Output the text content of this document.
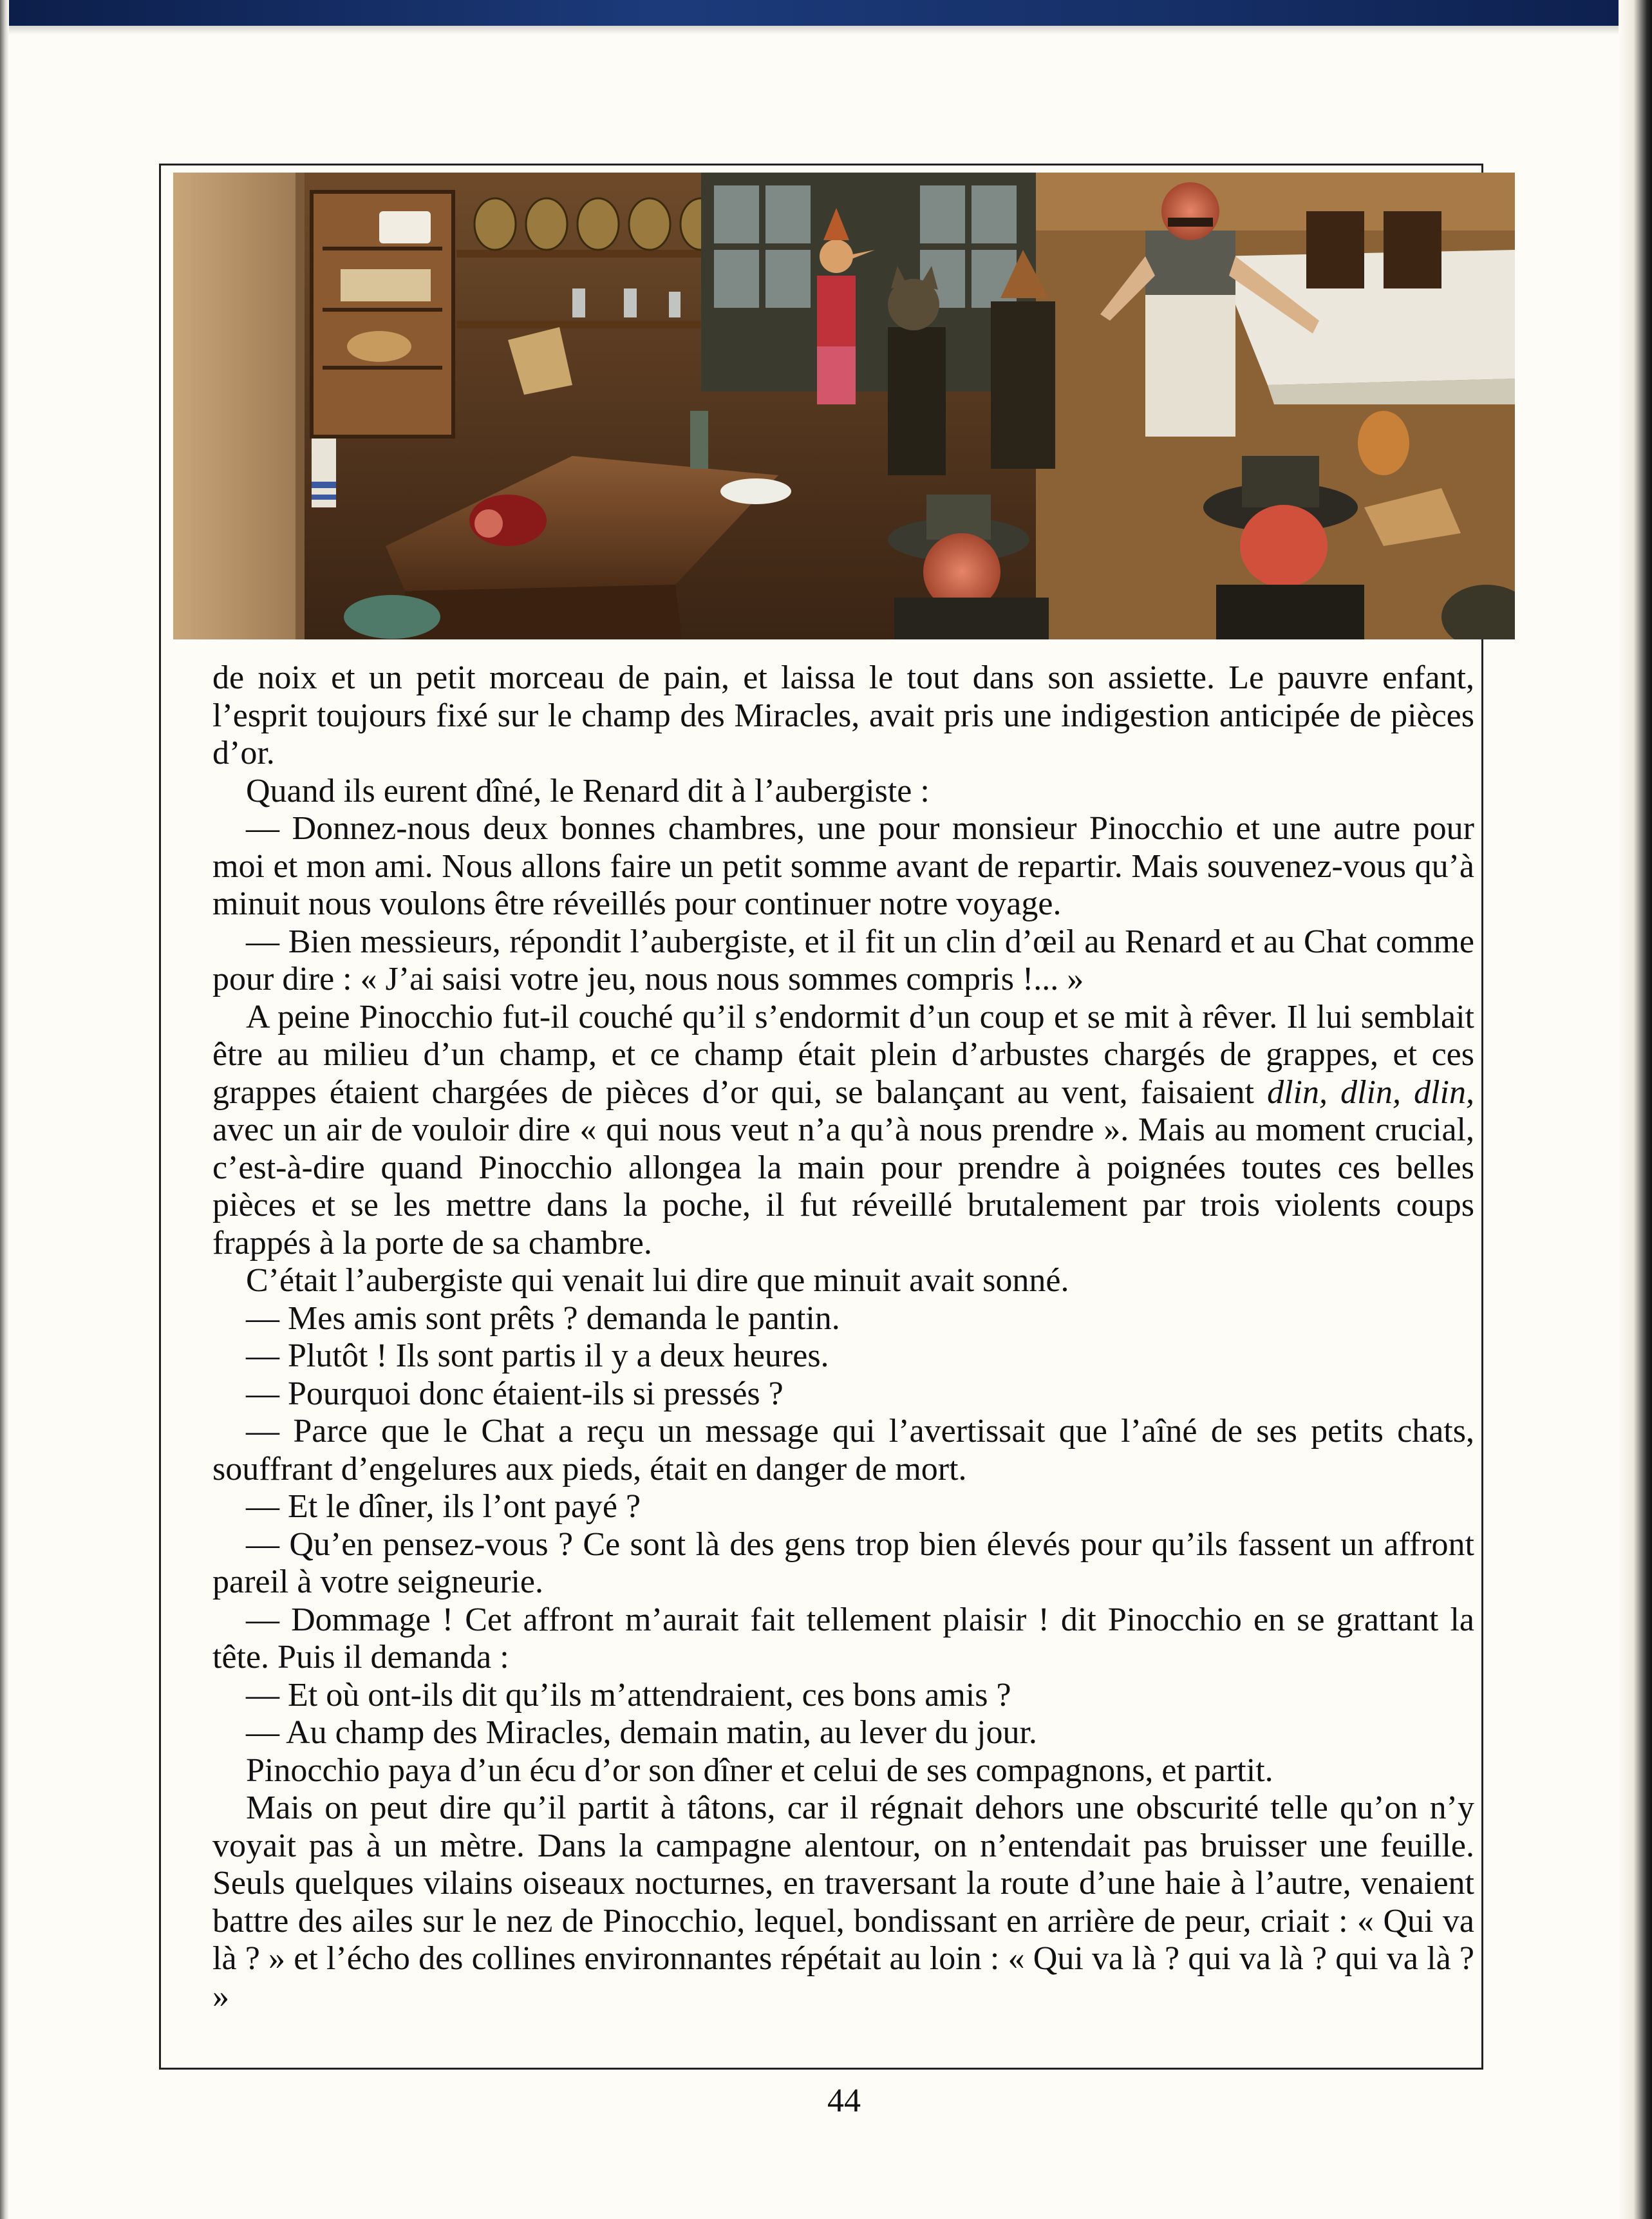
de noix et un petit morceau de pain, et laissa le tout dans son assiette. Le pauvre enfant, l’esprit toujours fixé sur le champ des Miracles, avait pris une indigestion anticipée de pièces d’or.

Quand ils eurent dîné, le Renard dit à l’aubergiste :

— Donnez-nous deux bonnes chambres, une pour monsieur Pinocchio et une autre pour moi et mon ami. Nous allons faire un petit somme avant de repartir. Mais souvenez-vous qu’à minuit nous voulons être réveillés pour continuer notre voyage.

— Bien messieurs, répondit l’aubergiste, et il fit un clin d’œil au Renard et au Chat comme pour dire : « J’ai saisi votre jeu, nous nous sommes compris !... »

A peine Pinocchio fut-il couché qu’il s’endormit d’un coup et se mit à rêver. Il lui semblait être au milieu d’un champ, et ce champ était plein d’arbustes chargés de grappes, et ces grappes étaient chargées de pièces d’or qui, se balançant au vent, faisaient dlin, dlin, dlin, avec un air de vouloir dire « qui nous veut n’a qu’à nous prendre ». Mais au moment crucial, c’est-à-dire quand Pinocchio allongea la main pour prendre à poignées toutes ces belles pièces et se les mettre dans la poche, il fut réveillé brutalement par trois violents coups frappés à la porte de sa chambre.

C’était l’aubergiste qui venait lui dire que minuit avait sonné.

— Mes amis sont prêts ? demanda le pantin.

— Plutôt ! Ils sont partis il y a deux heures.

— Pourquoi donc étaient-ils si pressés ?

— Parce que le Chat a reçu un message qui l’avertissait que l’aîné de ses petits chats, souffrant d’engelures aux pieds, était en danger de mort.

— Et le dîner, ils l’ont payé ?

— Qu’en pensez-vous ? Ce sont là des gens trop bien élevés pour qu’ils fassent un affront pareil à votre seigneurie.

— Dommage ! Cet affront m’aurait fait tellement plaisir ! dit Pinocchio en se grattant la tête. Puis il demanda :

— Et où ont-ils dit qu’ils m’attendraient, ces bons amis ?

— Au champ des Miracles, demain matin, au lever du jour.

Pinocchio paya d’un écu d’or son dîner et celui de ses compagnons, et partit.

Mais on peut dire qu’il partit à tâtons, car il régnait dehors une obscurité telle qu’on n’y voyait pas à un mètre. Dans la campagne alentour, on n’entendait pas bruisser une feuille. Seuls quelques vilains oiseaux nocturnes, en traversant la route d’une haie à l’autre, venaient battre des ailes sur le nez de Pinocchio, lequel, bondissant en arrière de peur, criait : « Qui va là ? » et l’écho des collines environnantes répétait au loin : « Qui va là ? qui va là ? qui va là ? »

44
